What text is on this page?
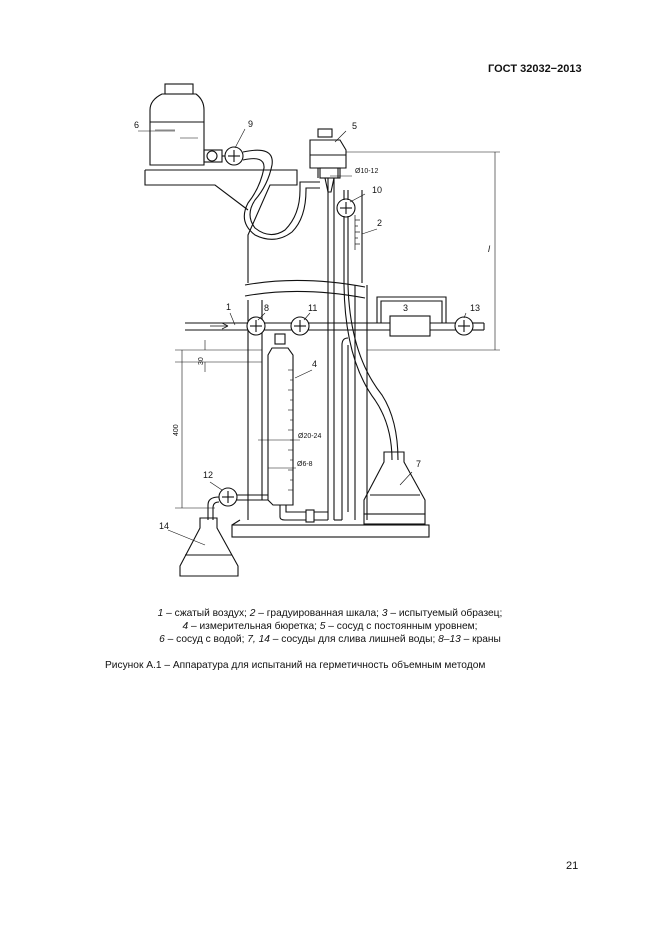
ГОСТ 32032−2013
6	9	5
10
2
1	8	11	3	13
4
7
12
14
l
Ø10-12
Ø20-24
Ø6-8
30
400
1 – сжатый воздух; 2 – градуированная шкала; 3 – испытуемый образец;
4 – измерительная бюретка; 5 – сосуд с постоянным уровнем;
6 – сосуд с водой; 7, 14 – сосуды для слива лишней воды; 8–13 – краны
Рисунок А.1 – Аппаратура для испытаний на герметичность объемным методом
21
